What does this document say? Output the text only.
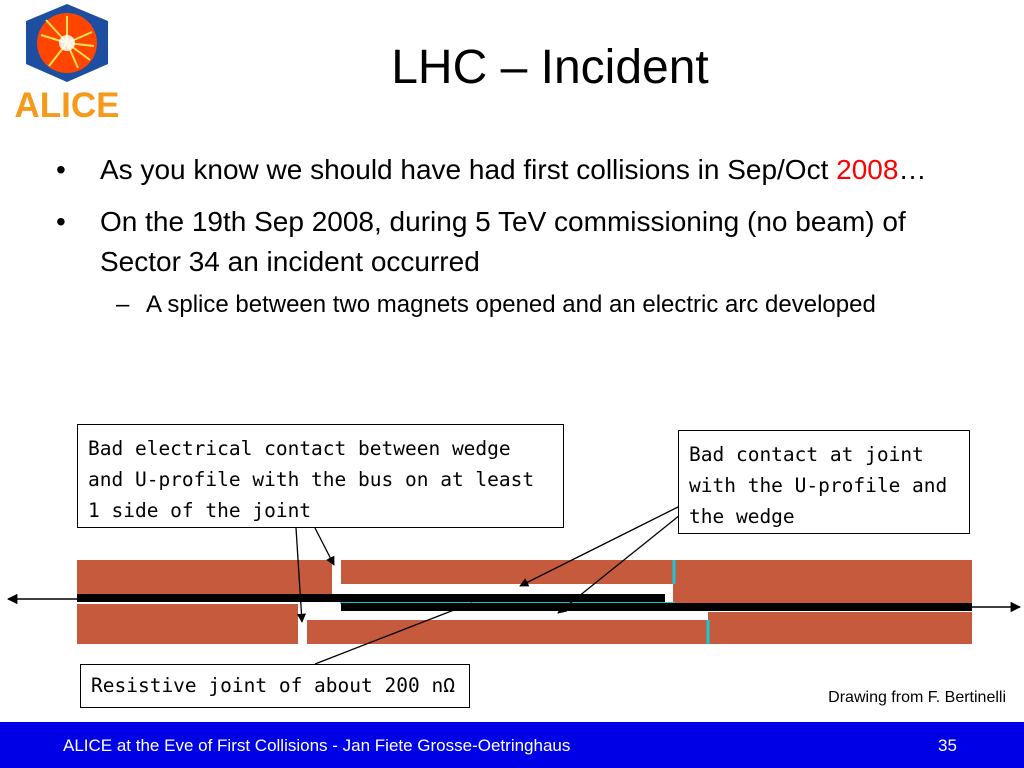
ALICE
LHC – Incident
• As you know we should have had first collisions in Sep/Oct 2008…
• On the 19th Sep 2008, during 5 TeV commissioning (no beam) of Sector 34 an incident occurred
– A splice between two magnets opened and an electric arc developed
Bad electrical contact between wedge and U-profile with the bus on at least 1 side of the joint
Bad contact at joint with the U-profile and the wedge
Resistive joint of about 200 nΩ
Drawing from F. Bertinelli
ALICE at the Eve of First Collisions - Jan Fiete Grosse-Oetringhaus	35
